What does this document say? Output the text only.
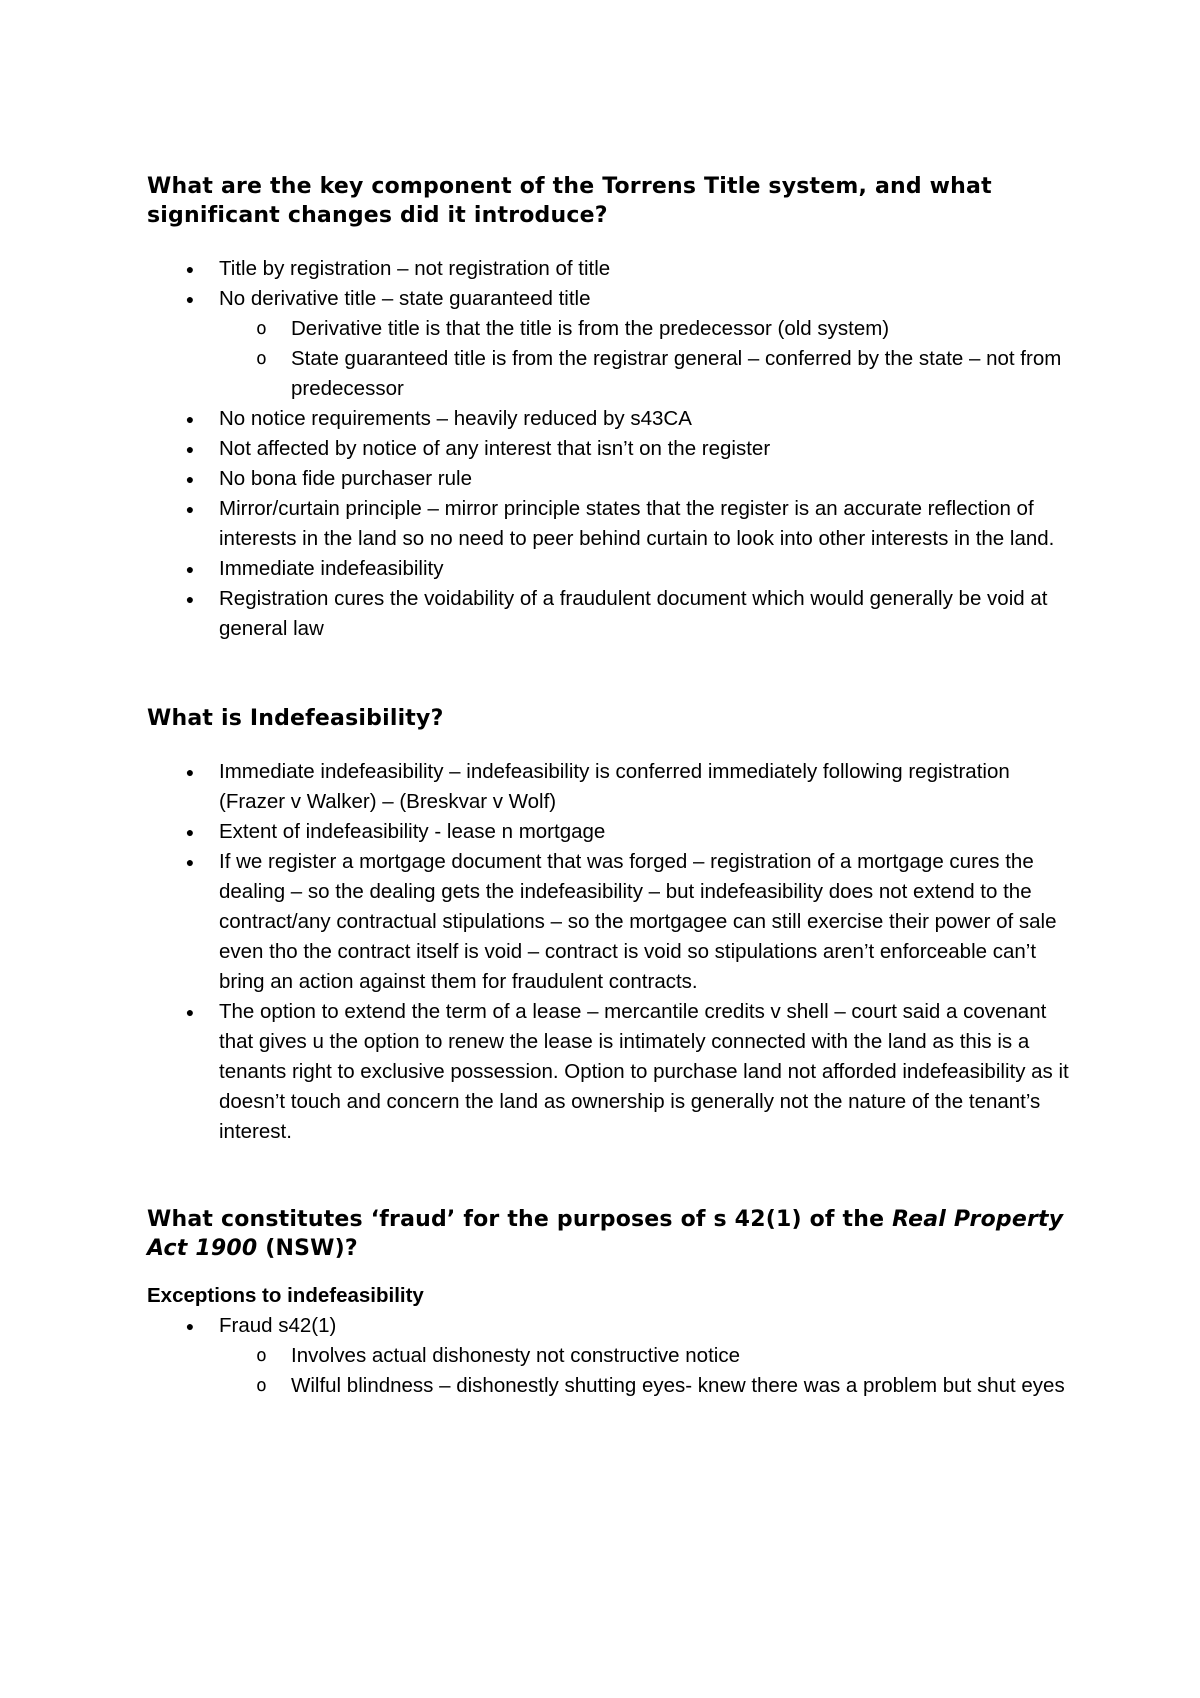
What are the key component of the Torrens Title system, and what significant changes did it introduce?
● Title by registration – not registration of title
● No derivative title – state guaranteed title
o Derivative title is that the title is from the predecessor (old system)
o State guaranteed title is from the registrar general – conferred by the state – not from predecessor
● No notice requirements – heavily reduced by s43CA
● Not affected by notice of any interest that isn’t on the register
● No bona fide purchaser rule
● Mirror/curtain principle – mirror principle states that the register is an accurate reflection of interests in the land so no need to peer behind curtain to look into other interests in the land.
● Immediate indefeasibility
● Registration cures the voidability of a fraudulent document which would generally be void at general law
What is Indefeasibility?
● Immediate indefeasibility – indefeasibility is conferred immediately following registration (Frazer v Walker) – (Breskvar v Wolf)
● Extent of indefeasibility - lease n mortgage
● If we register a mortgage document that was forged – registration of a mortgage cures the dealing – so the dealing gets the indefeasibility – but indefeasibility does not extend to the contract/any contractual stipulations – so the mortgagee can still exercise their power of sale even tho the contract itself is void – contract is void so stipulations aren’t enforceable can’t bring an action against them for fraudulent contracts.
● The option to extend the term of a lease – mercantile credits v shell – court said a covenant that gives u the option to renew the lease is intimately connected with the land as this is a tenants right to exclusive possession. Option to purchase land not afforded indefeasibility as it doesn’t touch and concern the land as ownership is generally not the nature of the tenant’s interest.
What constitutes ‘fraud’ for the purposes of s 42(1) of the Real Property Act 1900 (NSW)?
Exceptions to indefeasibility
● Fraud s42(1)
o Involves actual dishonesty not constructive notice
o Wilful blindness – dishonestly shutting eyes- knew there was a problem but shut eyes
